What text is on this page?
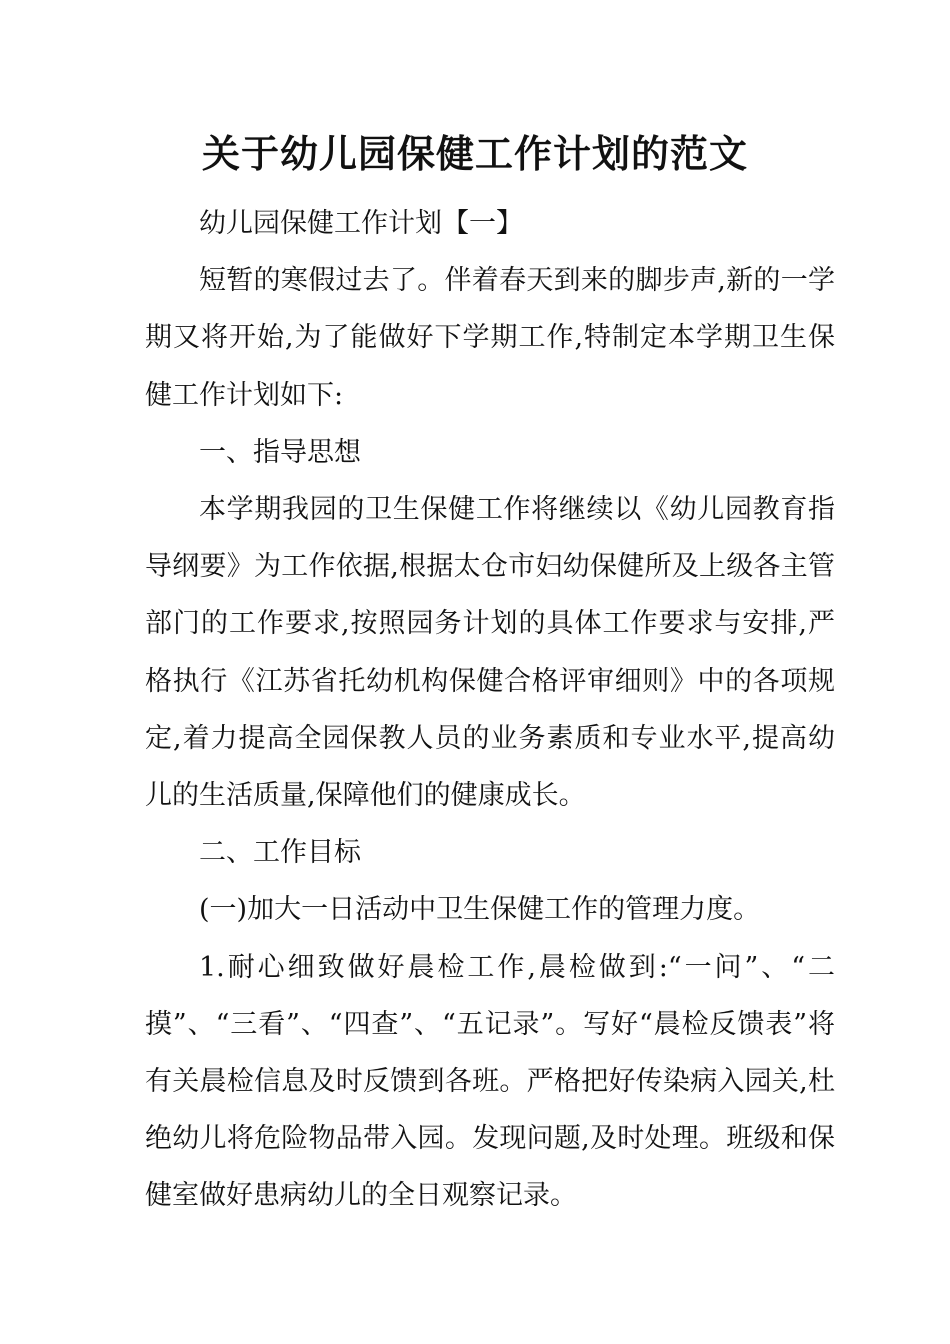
关于幼儿园保健工作计划的范文

幼儿园保健工作计划【一】

短暂的寒假过去了。伴着春天到来的脚步声,新的一学期又将开始,为了能做好下学期工作,特制定本学期卫生保健工作计划如下:

一、指导思想

本学期我园的卫生保健工作将继续以《幼儿园教育指导纲要》为工作依据,根据太仓市妇幼保健所及上级各主管部门的工作要求,按照园务计划的具体工作要求与安排,严格执行《江苏省托幼机构保健合格评审细则》中的各项规定,着力提高全园保教人员的业务素质和专业水平,提高幼儿的生活质量,保障他们的健康成长。

二、工作目标

(一)加大一日活动中卫生保健工作的管理力度。

1.耐心细致做好晨检工作,晨检做到:“一问”、“二摸”、“三看”、“四查”、“五记录”。写好“晨检反馈表”将有关晨检信息及时反馈到各班。严格把好传染病入园关,杜绝幼儿将危险物品带入园。发现问题,及时处理。班级和保健室做好患病幼儿的全日观察记录。
